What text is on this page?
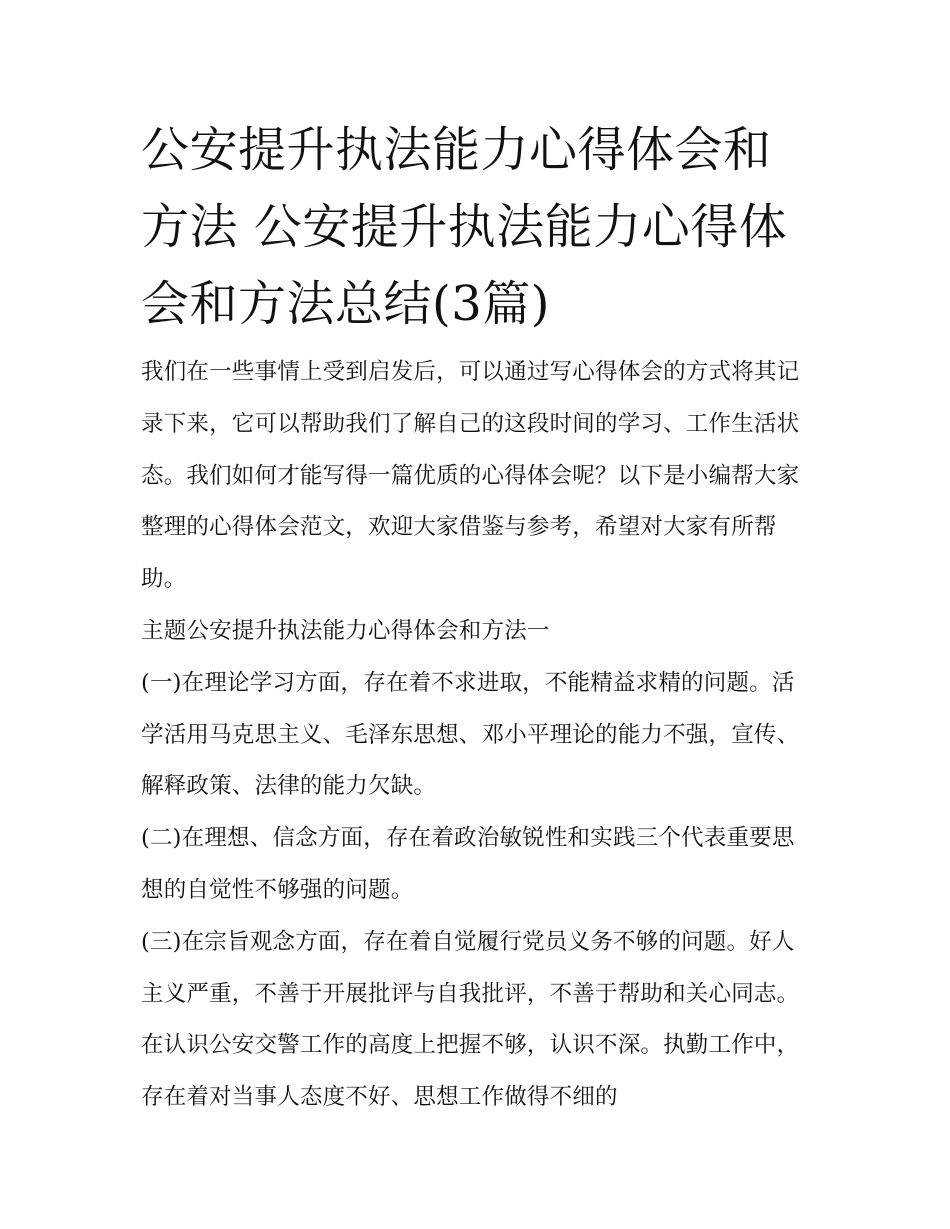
公安提升执法能力心得体会和方法 公安提升执法能力心得体会和方法总结(3篇)

我们在一些事情上受到启发后，可以通过写心得体会的方式将其记录下来，它可以帮助我们了解自己的这段时间的学习、工作生活状态。我们如何才能写得一篇优质的心得体会呢？以下是小编帮大家整理的心得体会范文，欢迎大家借鉴与参考，希望对大家有所帮助。

主题公安提升执法能力心得体会和方法一

(一)在理论学习方面，存在着不求进取，不能精益求精的问题。活学活用马克思主义、毛泽东思想、邓小平理论的能力不强，宣传、解释政策、法律的能力欠缺。

(二)在理想、信念方面，存在着政治敏锐性和实践三个代表重要思想的自觉性不够强的问题。

(三)在宗旨观念方面，存在着自觉履行党员义务不够的问题。好人主义严重，不善于开展批评与自我批评，不善于帮助和关心同志。在认识公安交警工作的高度上把握不够，认识不深。执勤工作中，存在着对当事人态度不好、思想工作做得不细的
